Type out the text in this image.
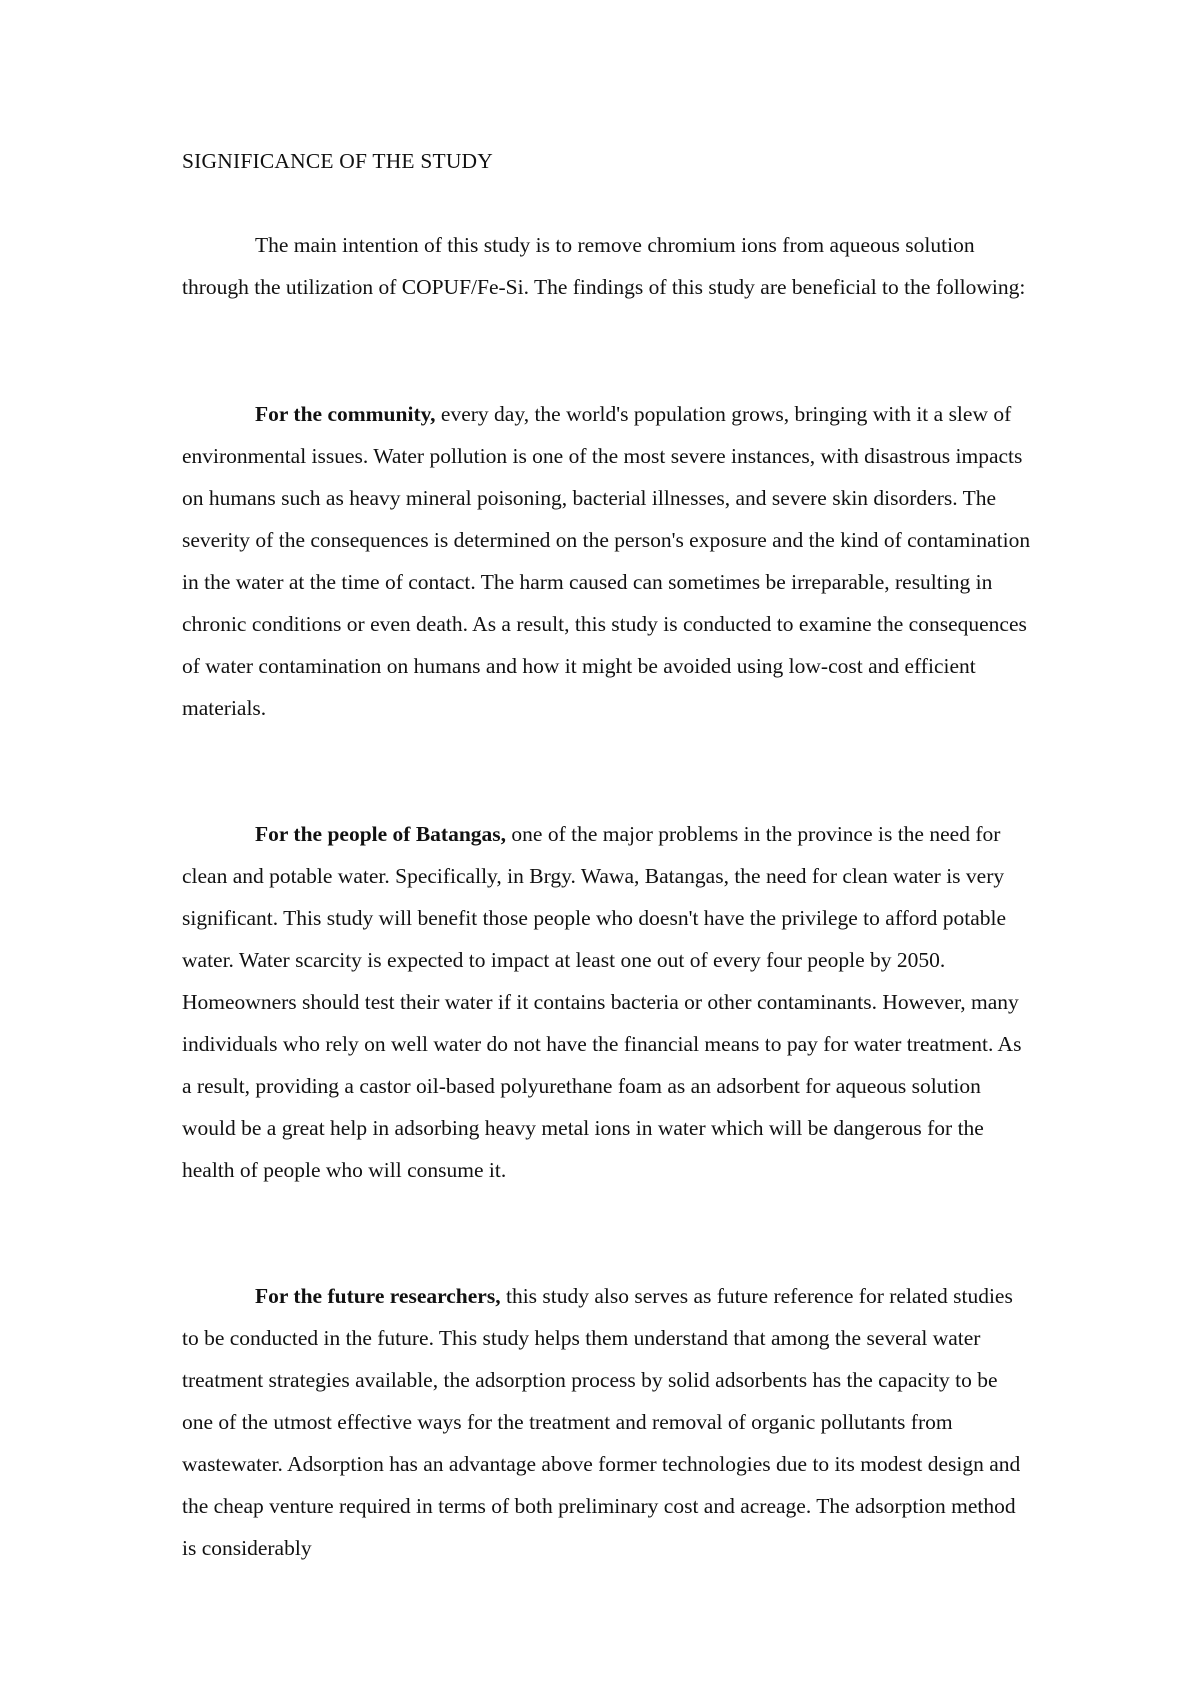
SIGNIFICANCE OF THE STUDY

The main intention of this study is to remove chromium ions from aqueous solution through the utilization of COPUF/Fe-Si. The findings of this study are beneficial to the following:

For the community, every day, the world's population grows, bringing with it a slew of environmental issues. Water pollution is one of the most severe instances, with disastrous impacts on humans such as heavy mineral poisoning, bacterial illnesses, and severe skin disorders. The severity of the consequences is determined on the person's exposure and the kind of contamination in the water at the time of contact. The harm caused can sometimes be irreparable, resulting in chronic conditions or even death. As a result, this study is conducted to examine the consequences of water contamination on humans and how it might be avoided using low-cost and efficient materials.

For the people of Batangas, one of the major problems in the province is the need for clean and potable water. Specifically, in Brgy. Wawa, Batangas, the need for clean water is very significant. This study will benefit those people who doesn't have the privilege to afford potable water. Water scarcity is expected to impact at least one out of every four people by 2050. Homeowners should test their water if it contains bacteria or other contaminants. However, many individuals who rely on well water do not have the financial means to pay for water treatment. As a result, providing a castor oil-based polyurethane foam as an adsorbent for aqueous solution would be a great help in adsorbing heavy metal ions in water which will be dangerous for the health of people who will consume it.

For the future researchers, this study also serves as future reference for related studies to be conducted in the future. This study helps them understand that among the several water treatment strategies available, the adsorption process by solid adsorbents has the capacity to be one of the utmost effective ways for the treatment and removal of organic pollutants from wastewater. Adsorption has an advantage above former technologies due to its modest design and the cheap venture required in terms of both preliminary cost and acreage. The adsorption method is considerably
